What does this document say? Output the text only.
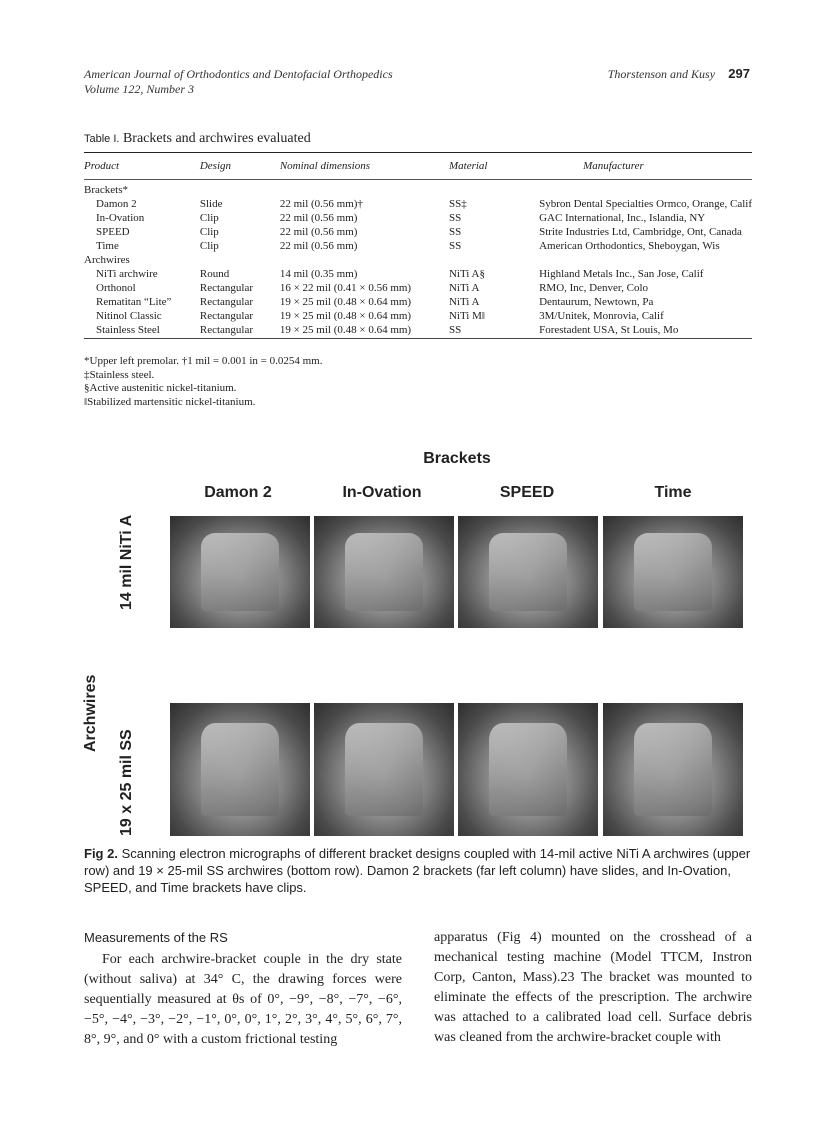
American Journal of Orthodontics and Dentofacial Orthopedics
Volume 122, Number 3
Thorstenson and Kusy 297
Table I. Brackets and archwires evaluated
Product	Design	Nominal dimensions	Material	Manufacturer
Brackets*				
Damon 2	Slide	22 mil (0.56 mm)†	SS‡	Sybron Dental Specialties Ormco, Orange, Calif
In-Ovation	Clip	22 mil (0.56 mm)	SS	GAC International, Inc., Islandia, NY
SPEED	Clip	22 mil (0.56 mm)	SS	Strite Industries Ltd, Cambridge, Ont, Canada
Time	Clip	22 mil (0.56 mm)	SS	American Orthodontics, Sheboygan, Wis
Archwires				
NiTi archwire	Round	14 mil (0.35 mm)	NiTi A§	Highland Metals Inc., San Jose, Calif
Orthonol	Rectangular	16 × 22 mil (0.41 × 0.56 mm)	NiTi A	RMO, Inc, Denver, Colo
Rematitan “Lite”	Rectangular	19 × 25 mil (0.48 × 0.64 mm)	NiTi A	Dentaurum, Newtown, Pa
Nitinol Classic	Rectangular	19 × 25 mil (0.48 × 0.64 mm)	NiTi M‖	3M/Unitek, Monrovia, Calif
Stainless Steel	Rectangular	19 × 25 mil (0.48 × 0.64 mm)	SS	Forestadent USA, St Louis, Mo
*Upper left premolar. †1 mil = 0.001 in = 0.0254 mm.
‡Stainless steel.
§Active austenitic nickel-titanium.
‖Stabilized martensitic nickel-titanium.
Brackets
Damon 2	In-Ovation	SPEED	Time
Archwires
14 mil NiTi A
19 x 25 mil SS
Fig 2. Scanning electron micrographs of different bracket designs coupled with 14-mil active NiTi A archwires (upper row) and 19 × 25-mil SS archwires (bottom row). Damon 2 brackets (far left column) have slides, and In-Ovation, SPEED, and Time brackets have clips.
Measurements of the RS
For each archwire-bracket couple in the dry state (without saliva) at 34° C, the drawing forces were sequentially measured at θs of 0°, −9°, −8°, −7°, −6°, −5°, −4°, −3°, −2°, −1°, 0°, 0°, 1°, 2°, 3°, 4°, 5°, 6°, 7°, 8°, 9°, and 0° with a custom frictional testing
apparatus (Fig 4) mounted on the crosshead of a mechanical testing machine (Model TTCM, Instron Corp, Canton, Mass).23 The bracket was mounted to eliminate the effects of the prescription. The archwire was attached to a calibrated load cell. Surface debris was cleaned from the archwire-bracket couple with
